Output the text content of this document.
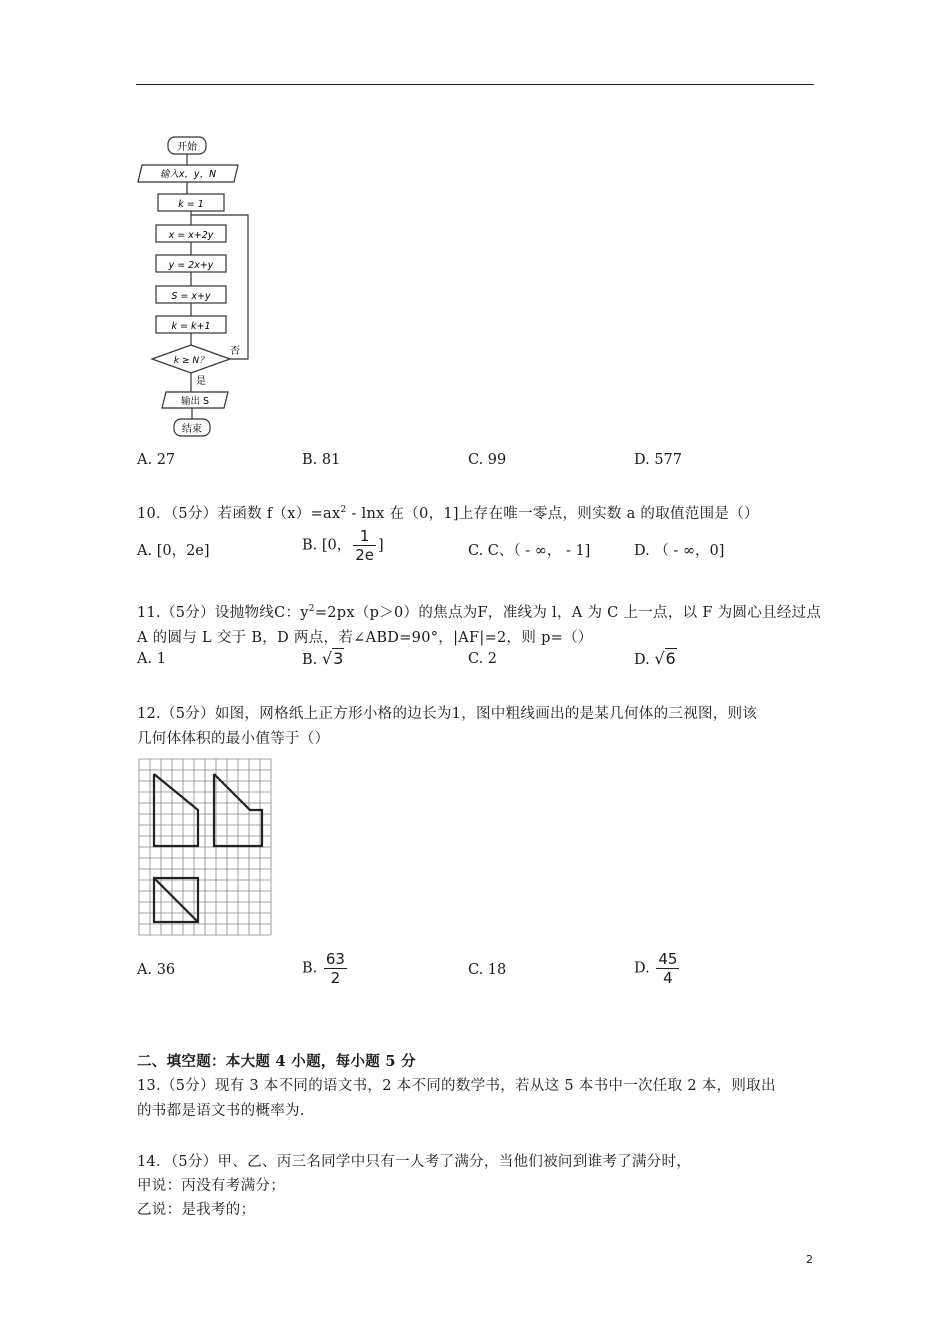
开始
输入x，y，N
k = 1
x = x+2y
y = 2x+y
S = x+y
k = k+1
k ≥ N？
否
是
输出 S
结束
A. 27	B. 81	C. 99	D. 577
10．（5分）若函数 $f(x)=ax^2 - \ln x$ 在（0，1]上存在唯一零点，则实数 a 的取值范围是（）
A. [0，2e]	B. [0， $\frac{1}{2e}$ ]	C. C、（ - ∞， - 1]	D. （ - ∞，0]
11.（5分）设抛物线C：$y^2=2px(p>0)$的焦点为F，准线为 l，A 为 C 上一点，以 F 为圆心且经过点
A 的圆与 L 交于 B，D 两点，若∠ABD=90°，|AF|=2，则 p=（）
A. 1	B. √3	C. 2	D. √6
12.（5分）如图，网格纸上正方形小格的边长为1，图中粗线画出的是某几何体的三视图，则该
几何体体积的最小值等于（）
A. 36	B. $\frac{63}{2}$	C. 18	D. $\frac{45}{4}$
二、填空题：本大题 4 小题，每小题 5 分
13.（5分）现有 3 本不同的语文书，2 本不同的数学书，若从这 5 本书中一次任取 2 本，则取出
的书都是语文书的概率为.
14．（5分）甲、乙、丙三名同学中只有一人考了满分，当他们被问到谁考了满分时，
甲说：丙没有考满分；
乙说：是我考的；
2
